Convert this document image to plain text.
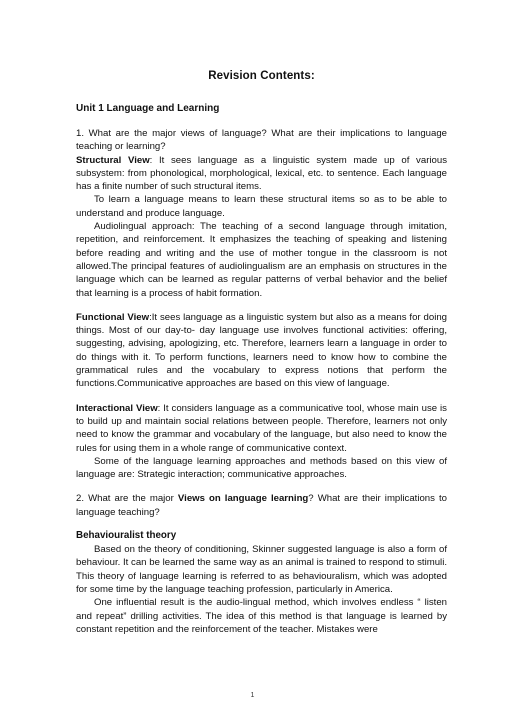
Revision Contents:
Unit 1 Language and Learning

1. What are the major views of language? What are their implications to language teaching or learning?

Structural View: It sees language as a linguistic system made up of various subsystem: from phonological, morphological, lexical, etc. to sentence. Each language has a finite number of such structural items.

To learn a language means to learn these structural items so as to be able to understand and produce language.

Audiolingual approach: The teaching of a second language through imitation, repetition, and reinforcement. It emphasizes the teaching of speaking and listening before reading and writing and the use of mother tongue in the classroom is not allowed.The principal features of audiolingualism are an emphasis on structures in the language which can be learned as regular patterns of verbal behavior and the belief that learning is a process of habit formation.

Functional View:It sees language as a linguistic system but also as a means for doing things. Most of our day-to- day language use involves functional activities: offering, suggesting, advising, apologizing, etc. Therefore, learners learn a language in order to do things with it. To perform functions, learners need to know how to combine the grammatical rules and the vocabulary to express notions that perform the functions.Communicative approaches are based on this view of language.

Interactional View: It considers language as a communicative tool, whose main use is to build up and maintain social relations between people. Therefore, learners not only need to know the grammar and vocabulary of the language, but also need to know the rules for using them in a whole range of communicative context.

Some of the language learning approaches and methods based on this view of language are: Strategic interaction; communicative approaches.

2. What are the major Views on language learning? What are their implications to language teaching?

Behaviouralist theory

Based on the theory of conditioning, Skinner suggested language is also a form of behaviour. It can be learned the same way as an animal is trained to respond to stimuli. This theory of language learning is referred to as behaviouralism, which was adopted for some time by the language teaching profession, particularly in America.

One influential result is the audio-lingual method, which involves endless “ listen and repeat” drilling activities. The idea of this method is that language is learned by constant repetition and the reinforcement of the teacher. Mistakes were

1
